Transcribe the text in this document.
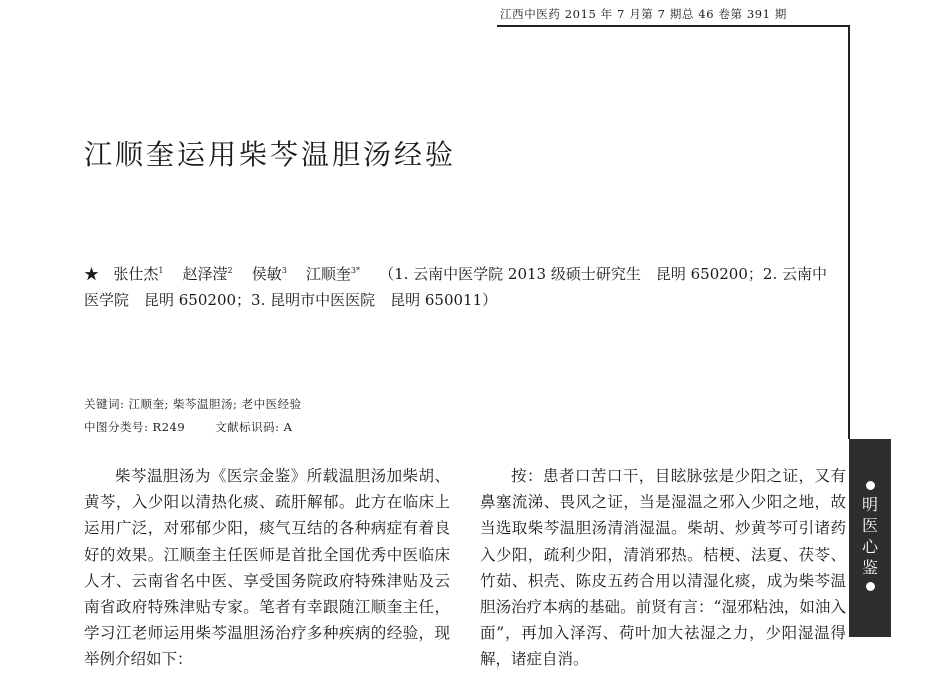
江西中医药 2015 年 7 月第 7 期总 46 卷第 391 期
江顺奎运用柴芩温胆汤经验
★ 张仕杰$^1$ 赵泽滢$^2$ 侯敏$^3$ 江顺奎$^{3*}$ （1. 云南中医学院 2013 级硕士研究生　昆明 650200；2. 云南中
医学院　昆明 650200；3. 昆明市中医医院　昆明 650011）
关键词: 江顺奎; 柴芩温胆汤; 老中医经验
中图分类号: R249	文献标识码: A

柴芩温胆汤为《医宗金鉴》所载温胆汤加柴胡、黄芩，入少阳以清热化痰、疏肝解郁。此方在临床上运用广泛，对邪郁少阳，痰气互结的各种病症有着良好的效果。江顺奎主任医师是首批全国优秀中医临床人才、云南省名中医、享受国务院政府特殊津贴及云南省政府特殊津贴专家。笔者有幸跟随江顺奎主任，学习江老师运用柴芩温胆汤治疗多种疾病的经验，现举例介绍如下：

按：患者口苦口干，目眩脉弦是少阳之证，又有鼻塞流涕、畏风之证，当是湿温之邪入少阳之地，故当选取柴芩温胆汤清消湿温。柴胡、炒黄芩可引诸药入少阳，疏利少阳，清消邪热。桔梗、法夏、茯苓、竹茹、枳壳、陈皮五药合用以清湿化痰，成为柴芩温胆汤治疗本病的基础。前贤有言：“湿邪粘浊，如油入面”，再加入泽泻、荷叶加大祛湿之力，少阳湿温得解，诸症自消。

明
医
心
鉴
